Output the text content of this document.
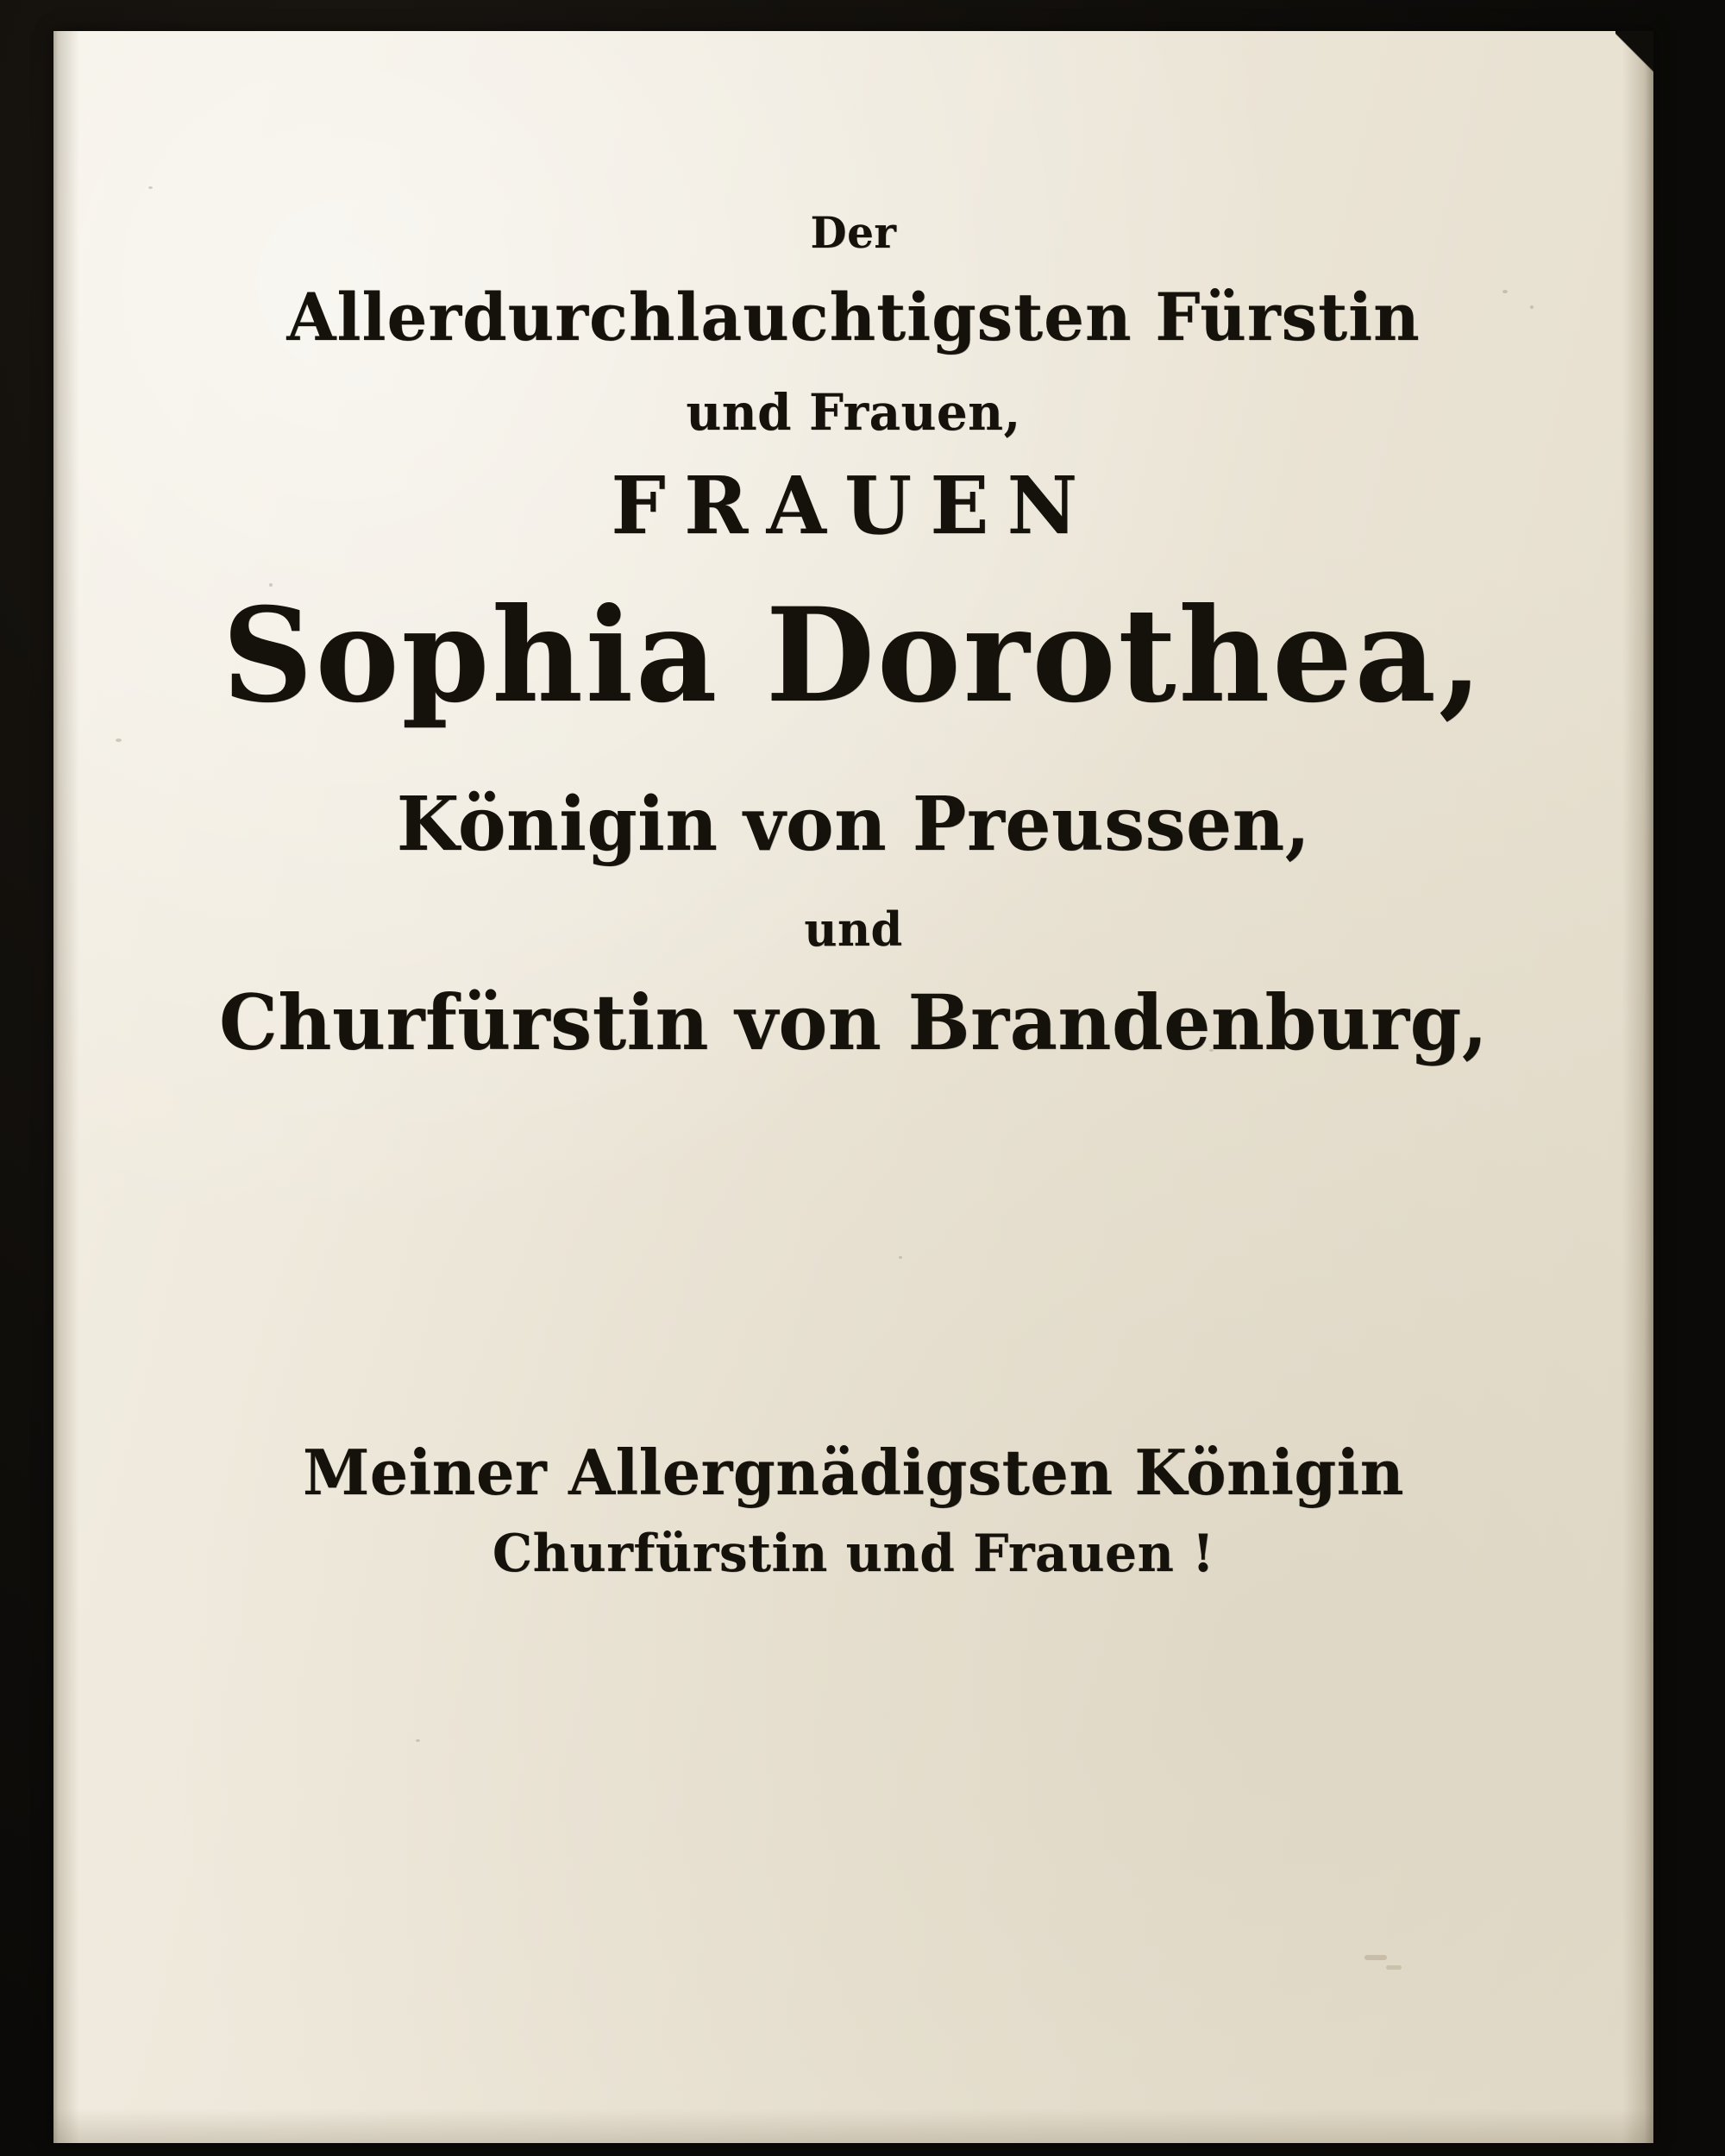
Der
Allerdurchlauchtigsten Fürstin
und Frauen,
FRAUEN
Sophia Dorothea,
Königin von Preussen,
und
Churfürstin von Brandenburg,
Meiner Allergnädigsten Königin
Churfürstin und Frauen !
